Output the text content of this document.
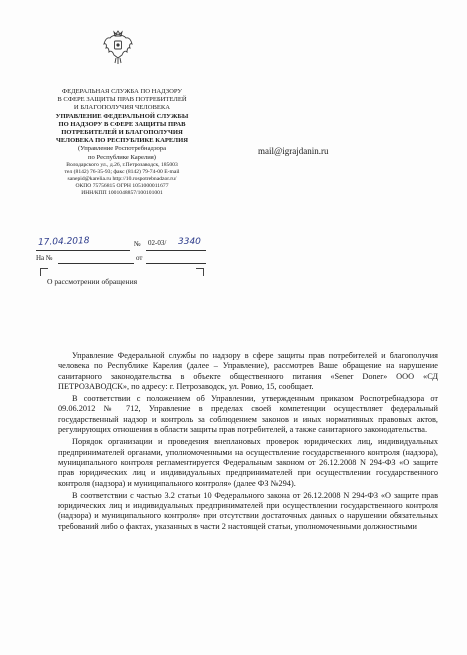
ФЕДЕРАЛЬНАЯ СЛУЖБА ПО НАДЗОРУ
В СФЕРЕ ЗАЩИТЫ ПРАВ ПОТРЕБИТЕЛЕЙ
И БЛАГОПОЛУЧИЯ ЧЕЛОВЕКА
УПРАВЛЕНИЕ ФЕДЕРАЛЬНОЙ СЛУЖБЫ
ПО НАДЗОРУ В СФЕРЕ ЗАЩИТЫ ПРАВ
ПОТРЕБИТЕЛЕЙ И БЛАГОПОЛУЧИЯ
ЧЕЛОВЕКА ПО РЕСПУБЛИКЕ КАРЕЛИЯ
(Управление Роспотребнадзора
по Республике Карелия)
Володарского ул., д.26, г.Петрозаводск, 185003
тел (8142) 76-35-93; факс (8142) 79-74-00 E-mail
sanepid@karelia.ru http://10.rospotrebnadzor.ru/
ОКПО 75756815 ОГРН 1051000011677
ИНН/КПП 1001048857/100101001
mail@igrajdanin.ru
17.04.2018	№ 02-03/ 3340
На №	от
О рассмотрении обращения

Управление Федеральной службы по надзору в сфере защиты прав потребителей и благополучия человека по Республике Карелия (далее – Управление), рассмотрев Ваше обращение на нарушение санитарного законодательства в объекте общественного питания «Sener Doner» ООО «СД ПЕТРОЗАВОДСК», по адресу: г. Петрозаводск, ул. Ровио, 15, сообщает.

В соответствии с положением об Управлении, утвержденным приказом Роспотребнадзора от 09.06.2012 № 712, Управление в пределах своей компетенции осуществляет федеральный государственный надзор и контроль за соблюдением законов и иных нормативных правовых актов, регулирующих отношения в области защиты прав потребителей, а также санитарного законодательства.

Порядок организации и проведения внеплановых проверок юридических лиц, индивидуальных предпринимателей органами, уполномоченными на осуществление государственного контроля (надзора), муниципального контроля регламентируется Федеральным законом от 26.12.2008 N 294-ФЗ «О защите прав юридических лиц и индивидуальных предпринимателей при осуществлении государственного контроля (надзора) и муниципального контроля» (далее ФЗ №294).

В соответствии с частью 3.2 статьи 10 Федерального закона от 26.12.2008 N 294-ФЗ «О защите прав юридических лиц и индивидуальных предпринимателей при осуществлении государственного контроля (надзора) и муниципального контроля» при отсутствии достаточных данных о нарушении обязательных требований либо о фактах, указанных в части 2 настоящей статьи, уполномоченными должностными
